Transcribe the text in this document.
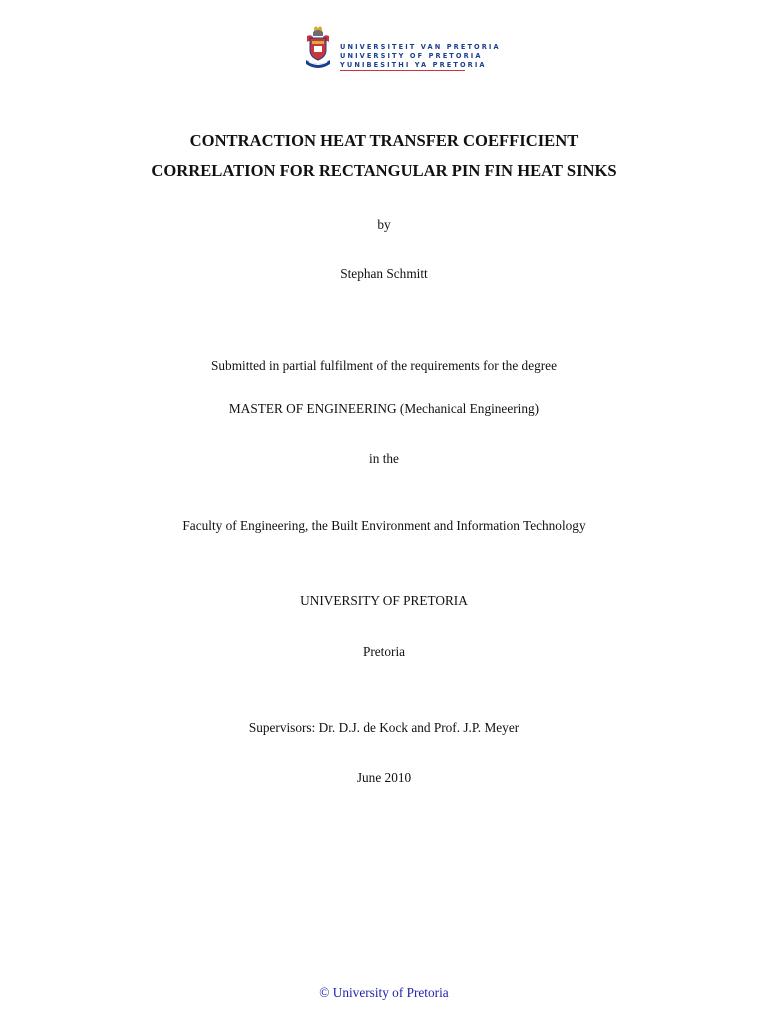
UNIVERSITEIT VAN PRETORIA
UNIVERSITY OF PRETORIA
YUNIBESITHI YA PRETORIA
CONTRACTION HEAT TRANSFER COEFFICIENT
CORRELATION FOR RECTANGULAR PIN FIN HEAT SINKS
by
Stephan Schmitt
Submitted in partial fulfilment of the requirements for the degree
MASTER OF ENGINEERING (Mechanical Engineering)
in the
Faculty of Engineering, the Built Environment and Information Technology
UNIVERSITY OF PRETORIA
Pretoria
Supervisors: Dr. D.J. de Kock and Prof. J.P. Meyer
June 2010
© University of Pretoria
